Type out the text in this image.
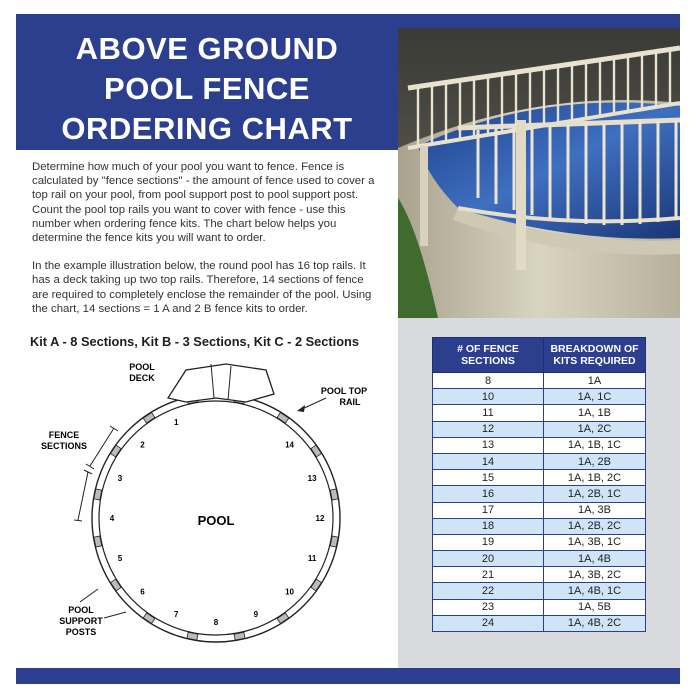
ABOVE GROUND
POOL FENCE
ORDERING CHART

Determine how much of your pool you want to fence. Fence is calculated by "fence sections" - the amount of fence used to cover a top rail on your pool, from pool support post to pool support post. Count the pool top rails you want to cover with fence - use this number when ordering fence kits. The chart below helps you determine the fence kits you will want to order.

In the example illustration below, the round pool has 16 top rails. It has a deck taking up two top rails. Therefore, 14 sections of fence are required to completely enclose the remainder of the pool. Using the chart, 14 sections = 1 A and 2 B fence kits to order.

Kit A - 8 Sections, Kit B - 3 Sections, Kit C - 2 Sections
POOL
POOL
DECK
POOL TOP
RAIL
FENCE
SECTIONS
POOL
SUPPORT
POSTS
1
2
3
4
5
6
7
8
9
10
11
12
13
14
# OF FENCE SECTIONS	BREAKDOWN OF KITS REQUIRED
8	1A
10	1A, 1C
11	1A, 1B
12	1A, 2C
13	1A, 1B, 1C
14	1A, 2B
15	1A, 1B, 2C
16	1A, 2B, 1C
17	1A, 3B
18	1A, 2B, 2C
19	1A, 3B, 1C
20	1A, 4B
21	1A, 3B, 2C
22	1A, 4B, 1C
23	1A, 5B
24	1A, 4B, 2C
